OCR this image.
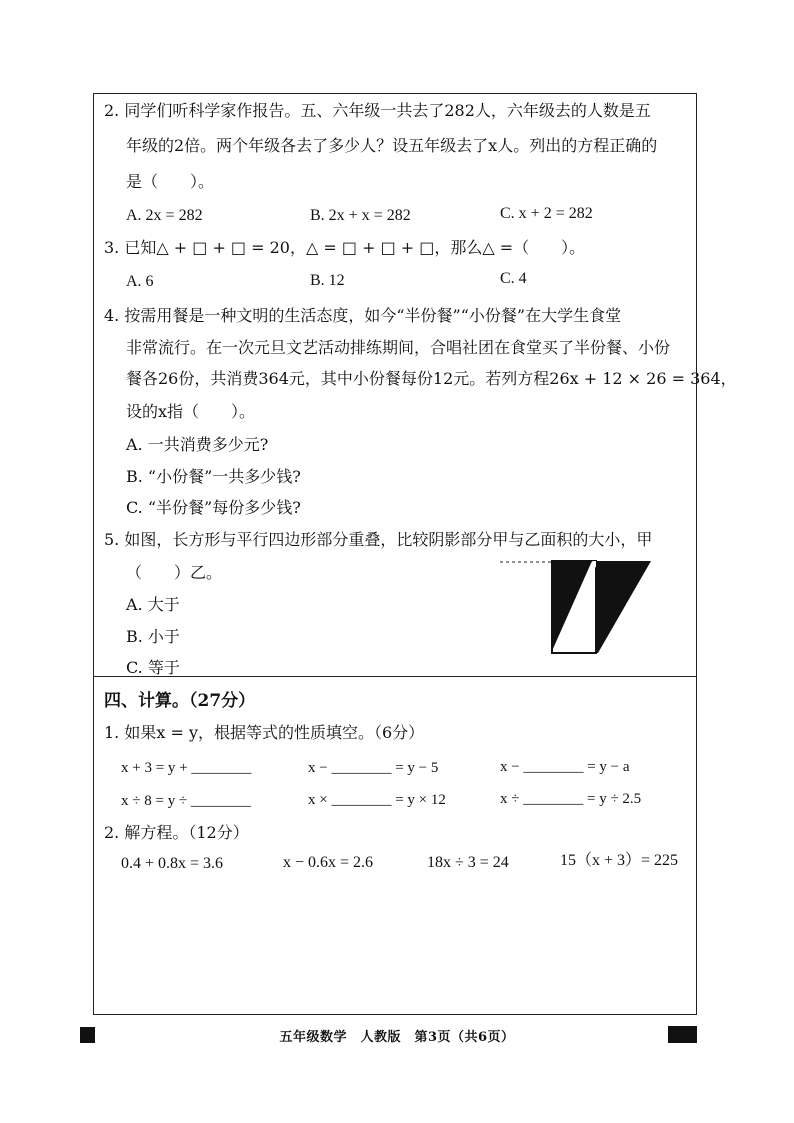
2. 同学们听科学家作报告。五、六年级一共去了282人，六年级去的人数是五
年级的2倍。两个年级各去了多少人？设五年级去了x人。列出的方程正确的
是（　　）。
A. 2x = 282	B. 2x + x = 282	C. x + 2 = 282
3. 已知△ + □ + □ = 20，△ = □ + □ + □，那么△ =（　　）。
A. 6	B. 12	C. 4
4. 按需用餐是一种文明的生活态度，如今“半份餐”“小份餐”在大学生食堂
非常流行。在一次元旦文艺活动排练期间，合唱社团在食堂买了半份餐、小份
餐各26份，共消费364元，其中小份餐每份12元。若列方程26x + 12 × 26 = 364，
设的x指（　　）。
A. 一共消费多少元?
B. “小份餐”一共多少钱?
C. “半份餐”每份多少钱?
5. 如图，长方形与平行四边形部分重叠，比较阴影部分甲与乙面积的大小，甲
（　　）乙。
A. 大于
B. 小于
C. 等于
四、计算。（27分）
1. 如果x = y，根据等式的性质填空。（6分）
x + 3 = y + ________	x − ________ = y − 5	x − ________ = y − a
x ÷ 8 = y ÷ ________	x × ________ = y × 12	x ÷ ________ = y ÷ 2.5
2. 解方程。（12分）
0.4 + 0.8x = 3.6	x − 0.6x = 2.6	18x ÷ 3 = 24	15（x + 3）= 225
五年级数学　人教版　第3页（共6页）
